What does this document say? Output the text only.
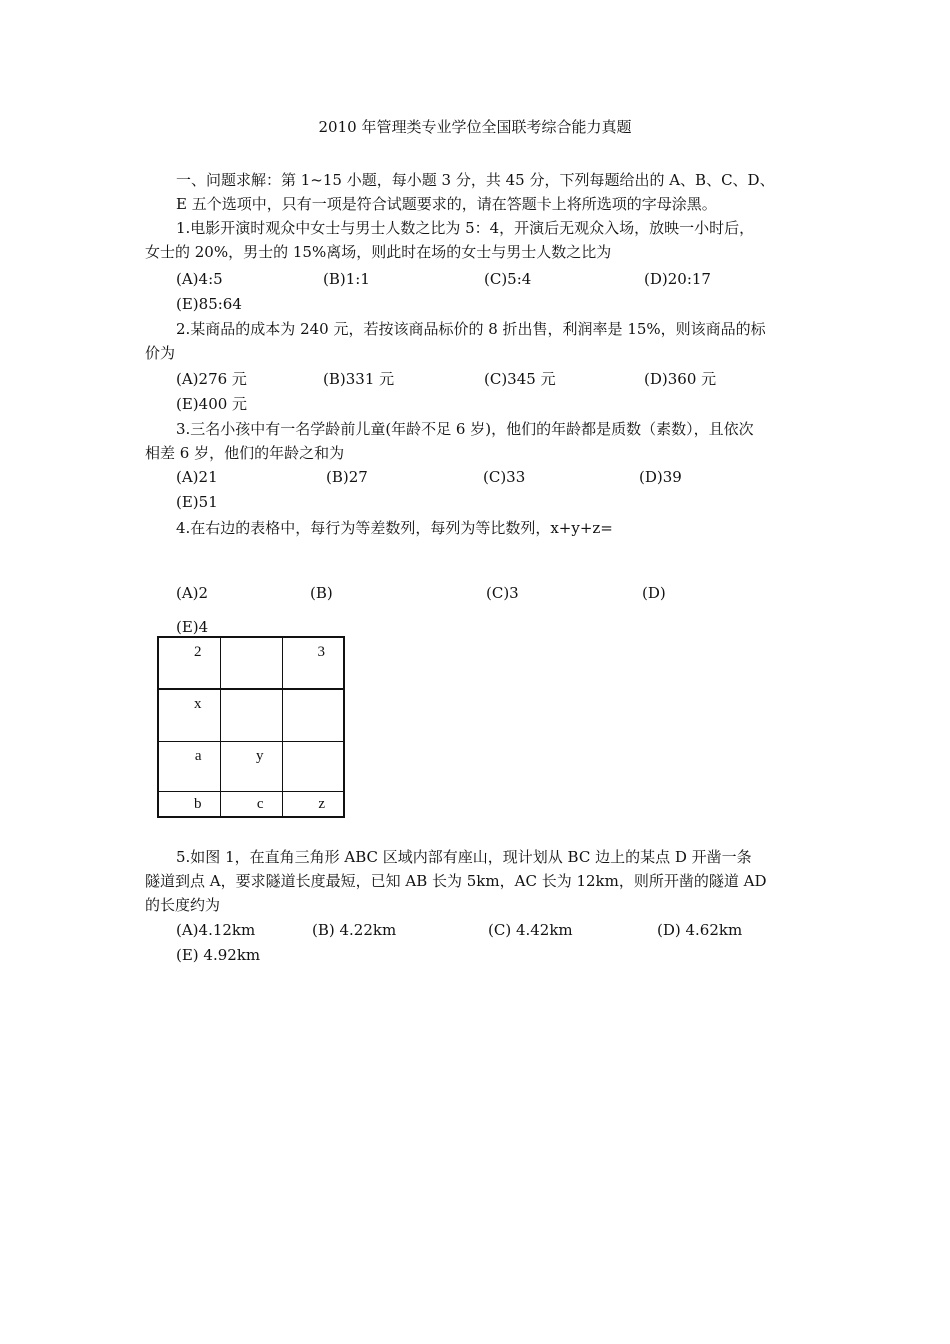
2010 年管理类专业学位全国联考综合能力真题
一、问题求解：第 1~15 小题，每小题 3 分，共 45 分，下列每题给出的 A、B、C、D、
E 五个选项中，只有一项是符合试题要求的，请在答题卡上将所选项的字母涂黑。
1.电影开演时观众中女士与男士人数之比为 5：4，开演后无观众入场，放映一小时后，
女士的 20%，男士的 15%离场，则此时在场的女士与男士人数之比为
(A)4:5	(B)1:1	(C)5:4	(D)20:17
(E)85:64
2.某商品的成本为 240 元，若按该商品标价的 8 折出售，利润率是 15%，则该商品的标
价为
(A)276 元	(B)331 元	(C)345 元	(D)360 元
(E)400 元
3.三名小孩中有一名学龄前儿童(年龄不足 6 岁)，他们的年龄都是质数（素数），且依次
相差 6 岁，他们的年龄之和为
(A)21	(B)27	(C)33	(D)39
(E)51
4.在右边的表格中，每行为等差数列，每列为等比数列，x+y+z=
(A)2	(B)	(C)3	(D)
(E)4
2		3
x		
a	y	
b	c	z
5.如图 1，在直角三角形 ABC 区域内部有座山，现计划从 BC 边上的某点 D 开凿一条
隧道到点 A，要求隧道长度最短，已知 AB 长为 5km，AC 长为 12km，则所开凿的隧道 AD
的长度约为
(A)4.12km	(B) 4.22km	(C) 4.42km	(D) 4.62km
(E) 4.92km
